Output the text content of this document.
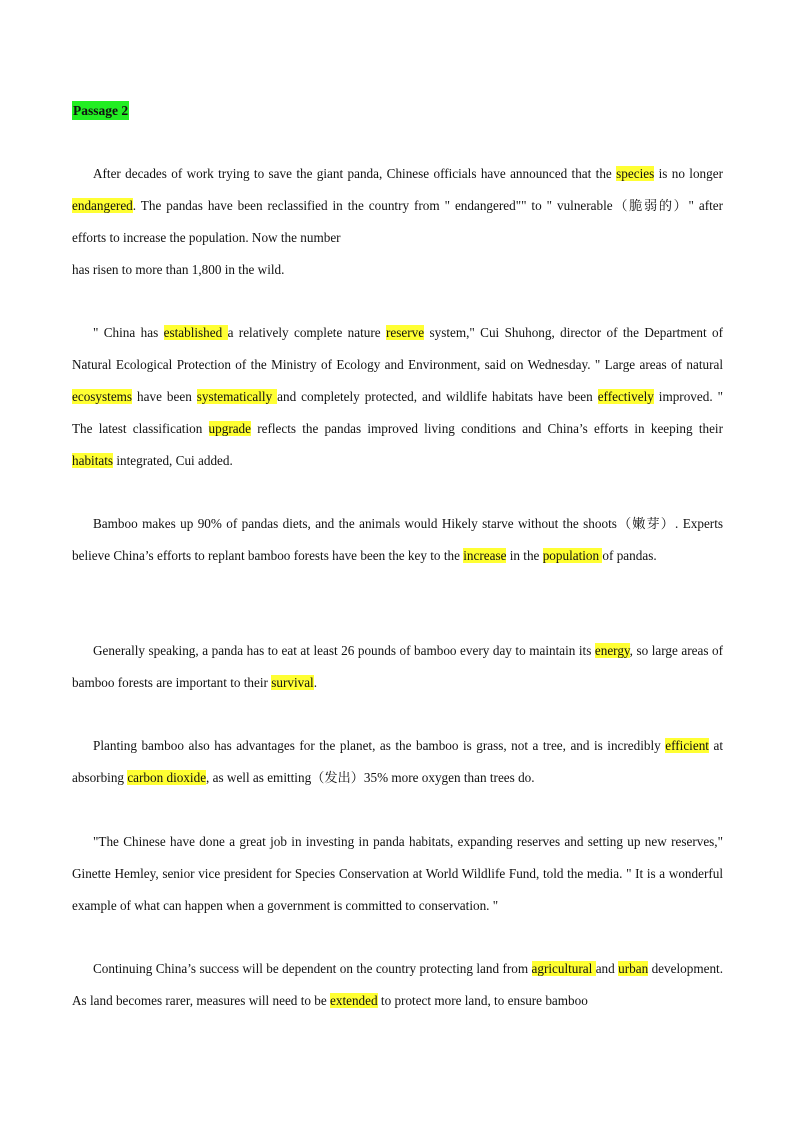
Passage 2

After decades of work trying to save the giant panda, Chinese officials have announced that the species is no longer endangered. The pandas have been reclassified in the country from " endangered"" to " vulnerable（脆弱的）" after efforts to increase the population. Now the number
has risen to more than 1,800 in the wild.

" China has established a relatively complete nature reserve system," Cui Shuhong, director of the Department of Natural Ecological Protection of the Ministry of Ecology and Environment, said on Wednesday. " Large areas of natural ecosystems have been systematically and completely protected, and wildlife habitats have been effectively improved. " The latest classification upgrade reflects the pandas improved living conditions and China’s efforts in keeping their habitats integrated, Cui added.

Bamboo makes up 90% of pandas diets, and the animals would Hikely starve without the shoots（嫩芽）. Experts believe China’s efforts to replant bamboo forests have been the key to the increase in the population of pandas.

Generally speaking, a panda has to eat at least 26 pounds of bamboo every day to maintain its energy, so large areas of bamboo forests are important to their survival.

Planting bamboo also has advantages for the planet, as the bamboo is grass, not a tree, and is incredibly efficient at absorbing carbon dioxide, as well as emitting（发出）35% more oxygen than trees do.

"The Chinese have done a great job in investing in panda habitats, expanding reserves and setting up new reserves," Ginette Hemley, senior vice president for Species Conservation at World Wildlife Fund, told the media. " It is a wonderful example of what can happen when a government is committed to conservation. "

Continuing China’s success will be dependent on the country protecting land from agricultural and urban development. As land becomes rarer, measures will need to be extended to protect more land, to ensure bamboo
